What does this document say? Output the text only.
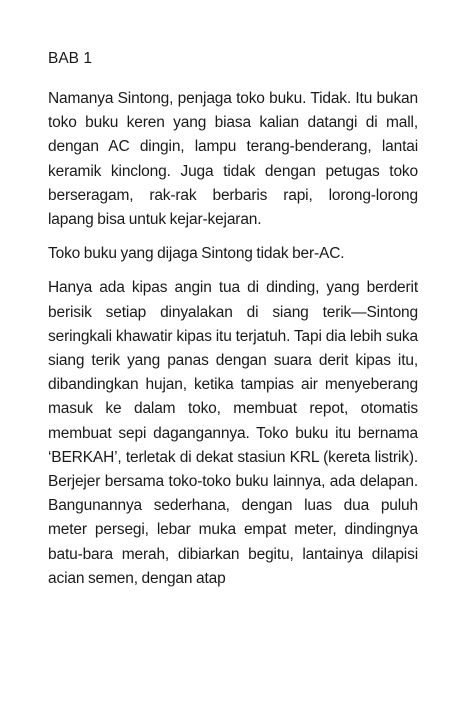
BAB 1

Namanya Sintong, penjaga toko buku. Tidak. Itu bukan toko buku keren yang biasa kalian datangi di mall, dengan AC dingin, lampu terang-benderang, lantai keramik kinclong. Juga tidak dengan petugas toko berseragam, rak-rak berbaris rapi, lorong-lorong lapang bisa untuk kejar-kejaran.

Toko buku yang dijaga Sintong tidak ber-AC.

Hanya ada kipas angin tua di dinding, yang berderit berisik setiap dinyalakan di siang terik—Sintong seringkali khawatir kipas itu terjatuh. Tapi dia lebih suka siang terik yang panas dengan suara derit kipas itu, dibandingkan hujan, ketika tampias air menyeberang masuk ke dalam toko, membuat repot, otomatis membuat sepi dagangannya. Toko buku itu bernama ‘BERKAH’, terletak di dekat stasiun KRL (kereta listrik). Berjejer bersama toko-toko buku lainnya, ada delapan. Bangunannya sederhana, dengan luas dua puluh meter persegi, lebar muka empat meter, dindingnya batu-bara merah, dibiarkan begitu, lantainya dilapisi acian semen, dengan atap
